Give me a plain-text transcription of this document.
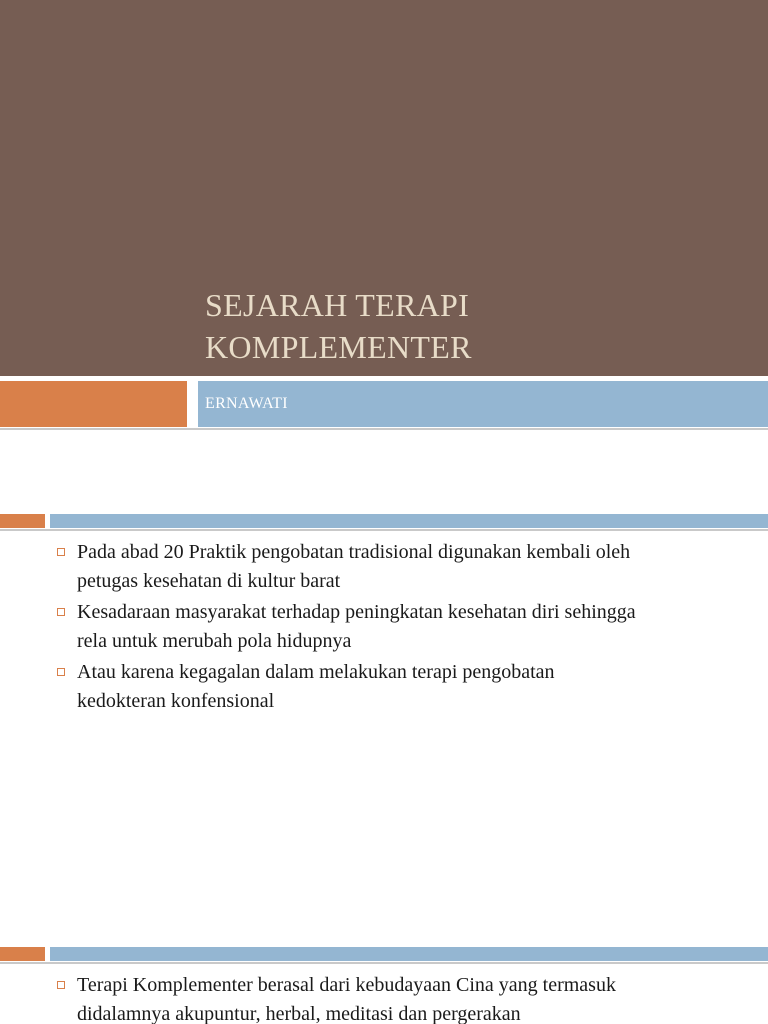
SEJARAH TERAPI
KOMPLEMENTER

ERNAWATI

Pada abad 20 Praktik pengobatan tradisional digunakan kembali oleh
petugas kesehatan di kultur barat
Kesadaraan masyarakat terhadap peningkatan kesehatan diri sehingga
rela untuk merubah pola hidupnya
Atau karena kegagalan dalam melakukan terapi pengobatan
kedokteran konfensional
Terapi Komplementer berasal dari kebudayaan Cina yang termasuk
didalamnya akupuntur, herbal, meditasi dan pergerakan
